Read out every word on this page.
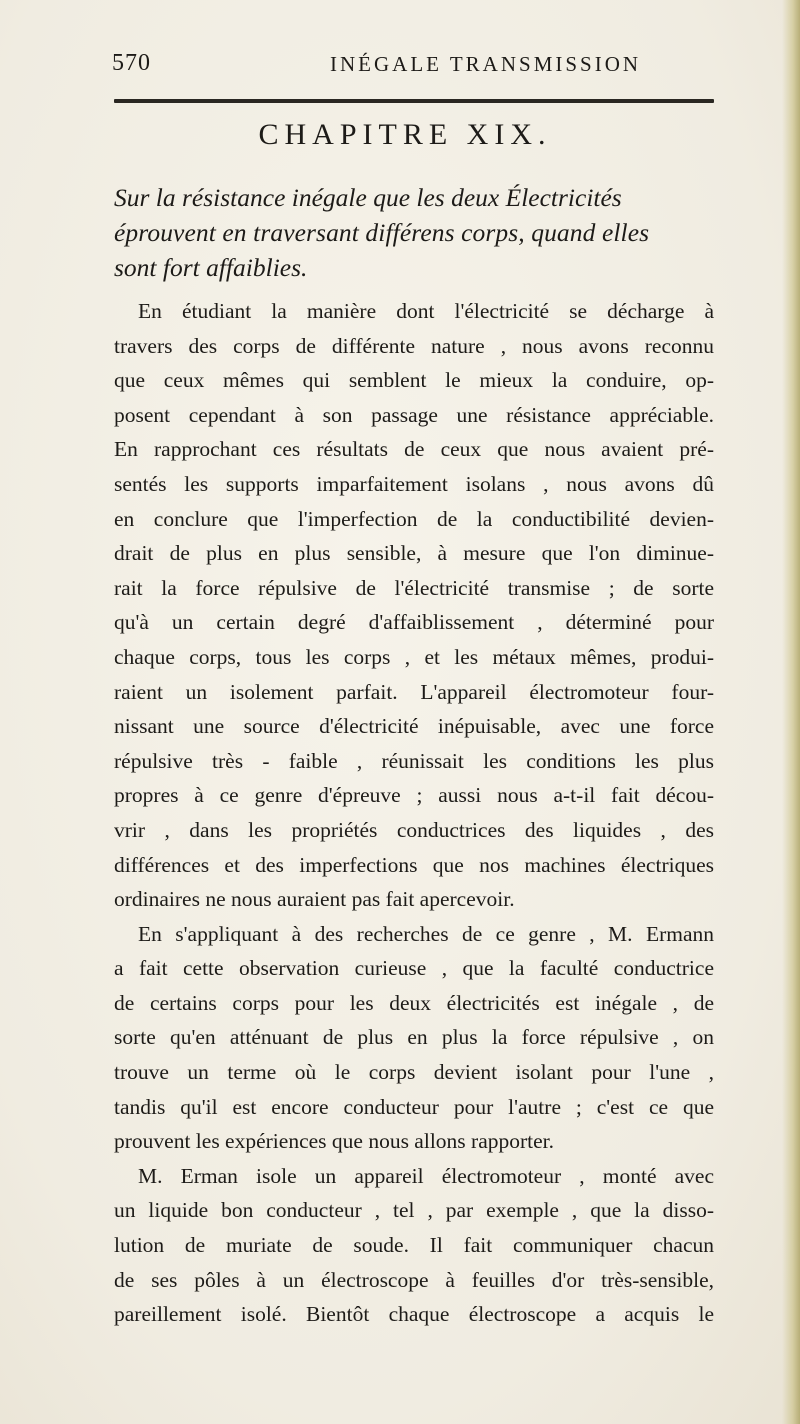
570	INÉGALE TRANSMISSION
CHAPITRE XIX.

Sur la résistance inégale que les deux Électricités
éprouvent en traversant différens corps, quand elles
sont fort affaiblies.

En étudiant la manière dont l'électricité se décharge à
travers des corps de différente nature , nous avons reconnu
que ceux mêmes qui semblent le mieux la conduire, op-
posent cependant à son passage une résistance appréciable.
En rapprochant ces résultats de ceux que nous avaient pré-
sentés les supports imparfaitement isolans , nous avons dû
en conclure que l'imperfection de la conductibilité devien-
drait de plus en plus sensible, à mesure que l'on diminue-
rait la force répulsive de l'électricité transmise ; de sorte
qu'à un certain degré d'affaiblissement , déterminé pour
chaque corps, tous les corps , et les métaux mêmes, produi-
raient un isolement parfait. L'appareil électromoteur four-
nissant une source d'électricité inépuisable, avec une force
répulsive très - faible , réunissait les conditions les plus
propres à ce genre d'épreuve ; aussi nous a-t-il fait décou-
vrir , dans les propriétés conductrices des liquides , des
différences et des imperfections que nos machines électriques
ordinaires ne nous auraient pas fait apercevoir.
En s'appliquant à des recherches de ce genre , M. Ermann
a fait cette observation curieuse , que la faculté conductrice
de certains corps pour les deux électricités est inégale , de
sorte qu'en atténuant de plus en plus la force répulsive , on
trouve un terme où le corps devient isolant pour l'une ,
tandis qu'il est encore conducteur pour l'autre ; c'est ce que
prouvent les expériences que nous allons rapporter.
M. Erman isole un appareil électromoteur , monté avec
un liquide bon conducteur , tel , par exemple , que la disso-
lution de muriate de soude. Il fait communiquer chacun
de ses pôles à un électroscope à feuilles d'or très-sensible,
pareillement isolé. Bientôt chaque électroscope a acquis le
